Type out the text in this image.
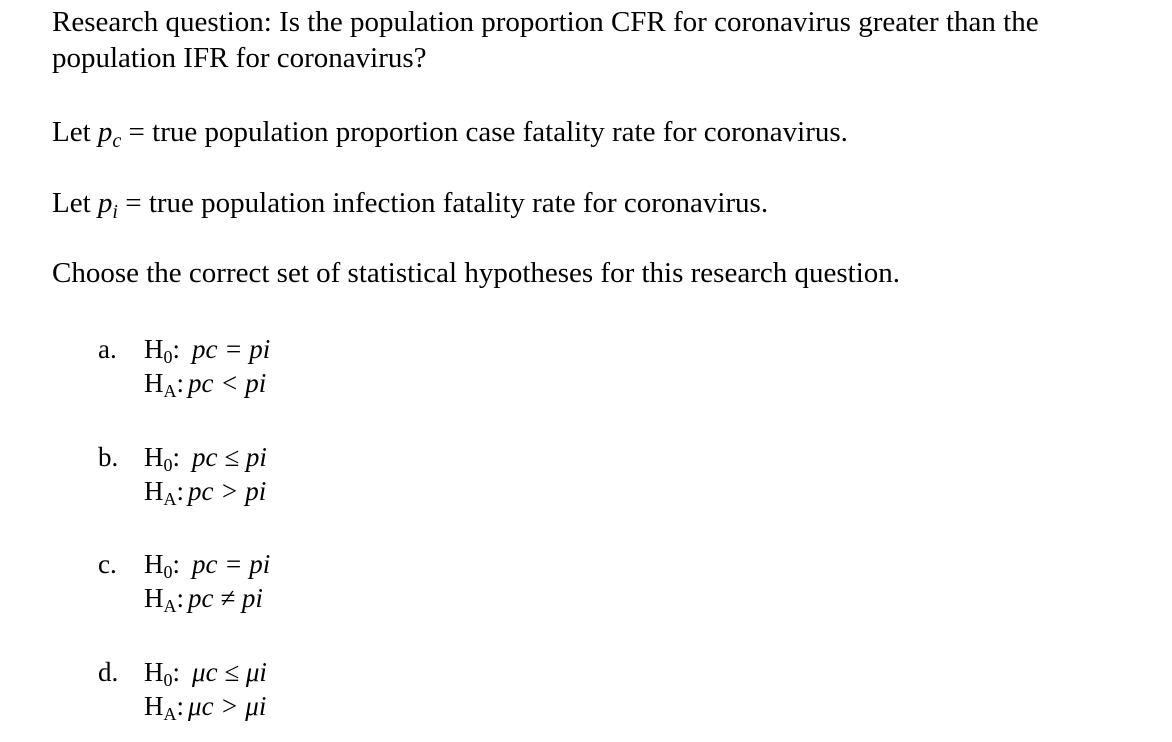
Research question: Is the population proportion CFR for coronavirus greater than the

population IFR for coronavirus?

Let $p_c$ = true population proportion case fatality rate for coronavirus.

Let $p_i$ = true population infection fatality rate for coronavirus.

Choose the correct set of statistical hypotheses for this research question.

a. $H_0$: pc = pi
$H_A$: pc < pi
b. $H_0$: pc ≤ pi
$H_A$: pc > pi
c. $H_0$: pc = pi
$H_A$: pc ≠ pi
d. $H_0$: μc ≤ μi
$H_A$: μc > μi
